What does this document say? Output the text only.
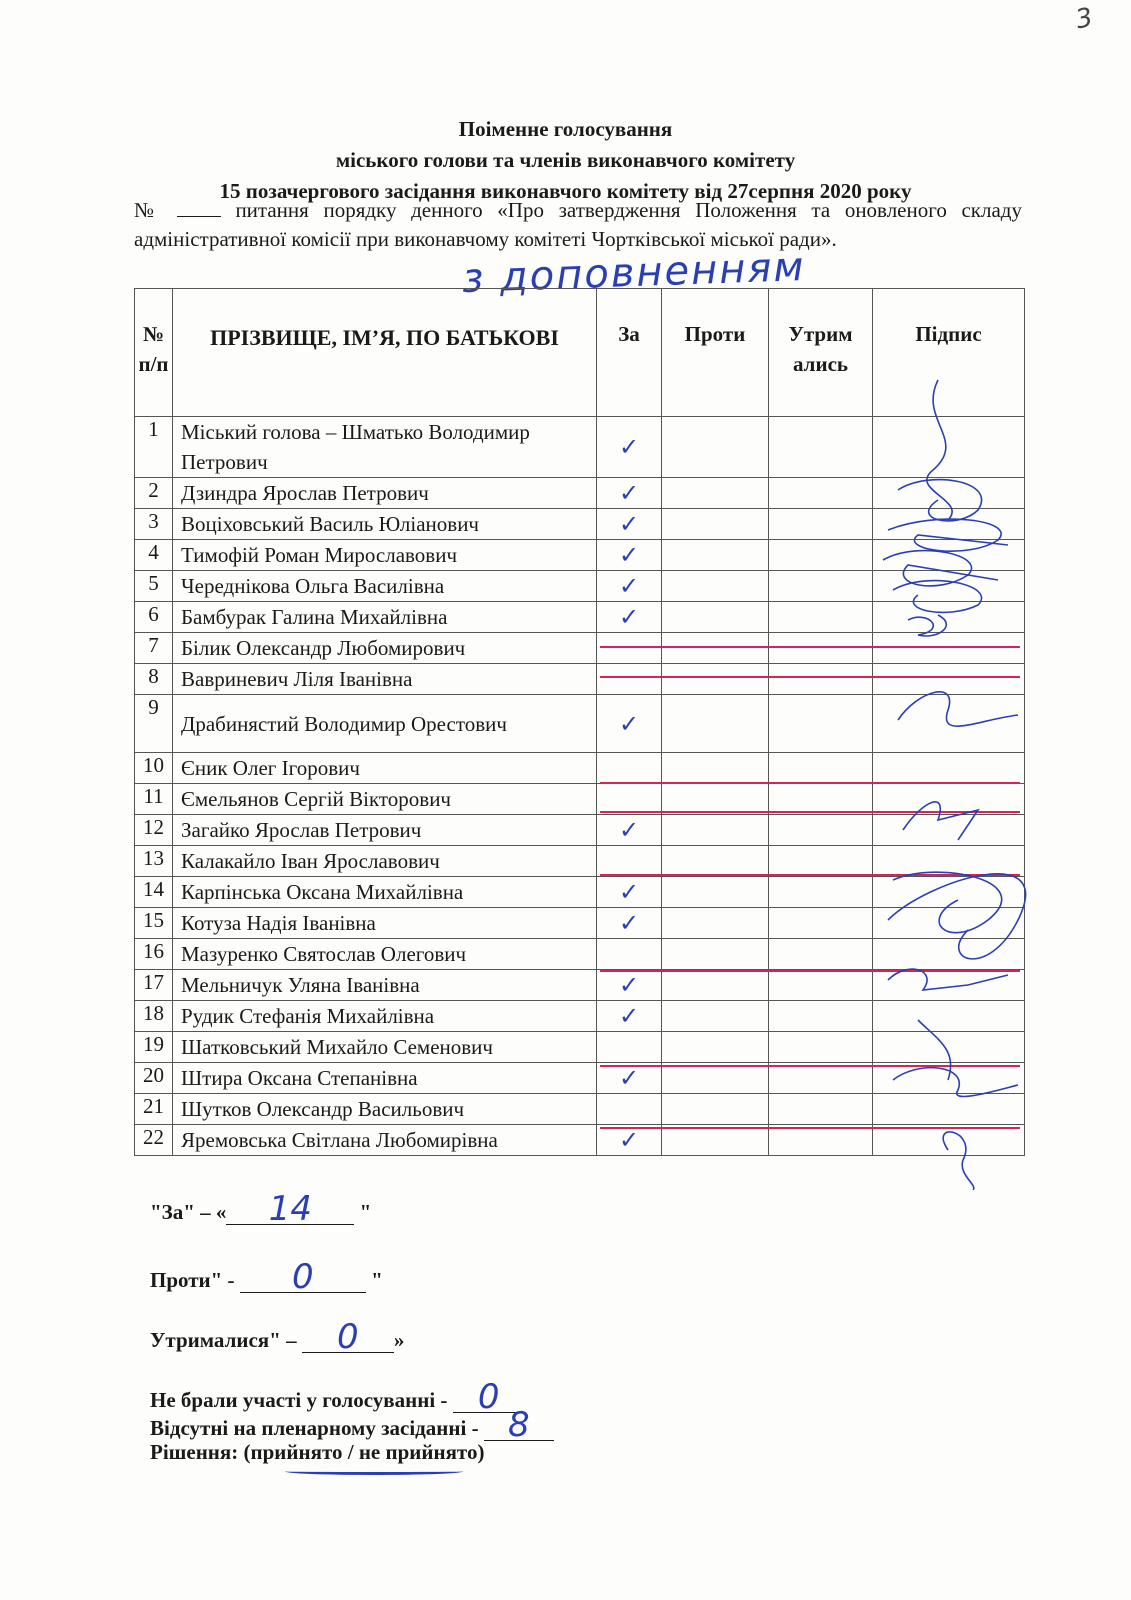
3
Поіменне голосування
міського голови та членів виконавчого комітету
15 позачергового засідання виконавчого комітету від 27серпня 2020 року
№	питання порядку денного «Про затвердження Положення та оновленого складу адміністративної комісії при виконавчому комітеті Чортківської міської ради».
з доповненням
№ п/п	ПРІЗВИЩЕ, ІМ’Я, ПО БАТЬКОВІ	За	Проти	Утрим ались	Підпис
1	Міський голова – Шматько Володимир Петрович	✓			
2	Дзиндра Ярослав Петрович	✓			
3	Воціховський Василь Юліанович	✓			
4	Тимофій Роман Мирославович	✓			
5	Череднікова Ольга Василівна	✓			
6	Бамбурак Галина Михайлівна	✓			
7	Білик Олександр Любомирович				
8	Вавриневич Ліля Іванівна				
9	Драбинястий Володимир Орестович	✓			
10	Єник Олег Ігорович				
11	Ємельянов Сергій Вікторович				
12	Загайко Ярослав Петрович	✓			
13	Калакайло Іван Ярославович				
14	Карпінська Оксана Михайлівна	✓			
15	Котуза Надія Іванівна	✓			
16	Мазуренко Святослав Олегович				
17	Мельничук Уляна Іванівна	✓			
18	Рудик Стефанія Михайлівна	✓			
19	Шатковський Михайло Семенович				
20	Штира Оксана Степанівна	✓			
21	Шутков Олександр Васильович				
22	Яремовська Світлана Любомирівна	✓			
"За" – « 14 "
Проти" - 0	"
Утрималися" – 0 »
Не брали участі у голосуванні - 0
Відсутні на пленарному засіданні - 8
Рішення: (прийнято / не прийнято)
